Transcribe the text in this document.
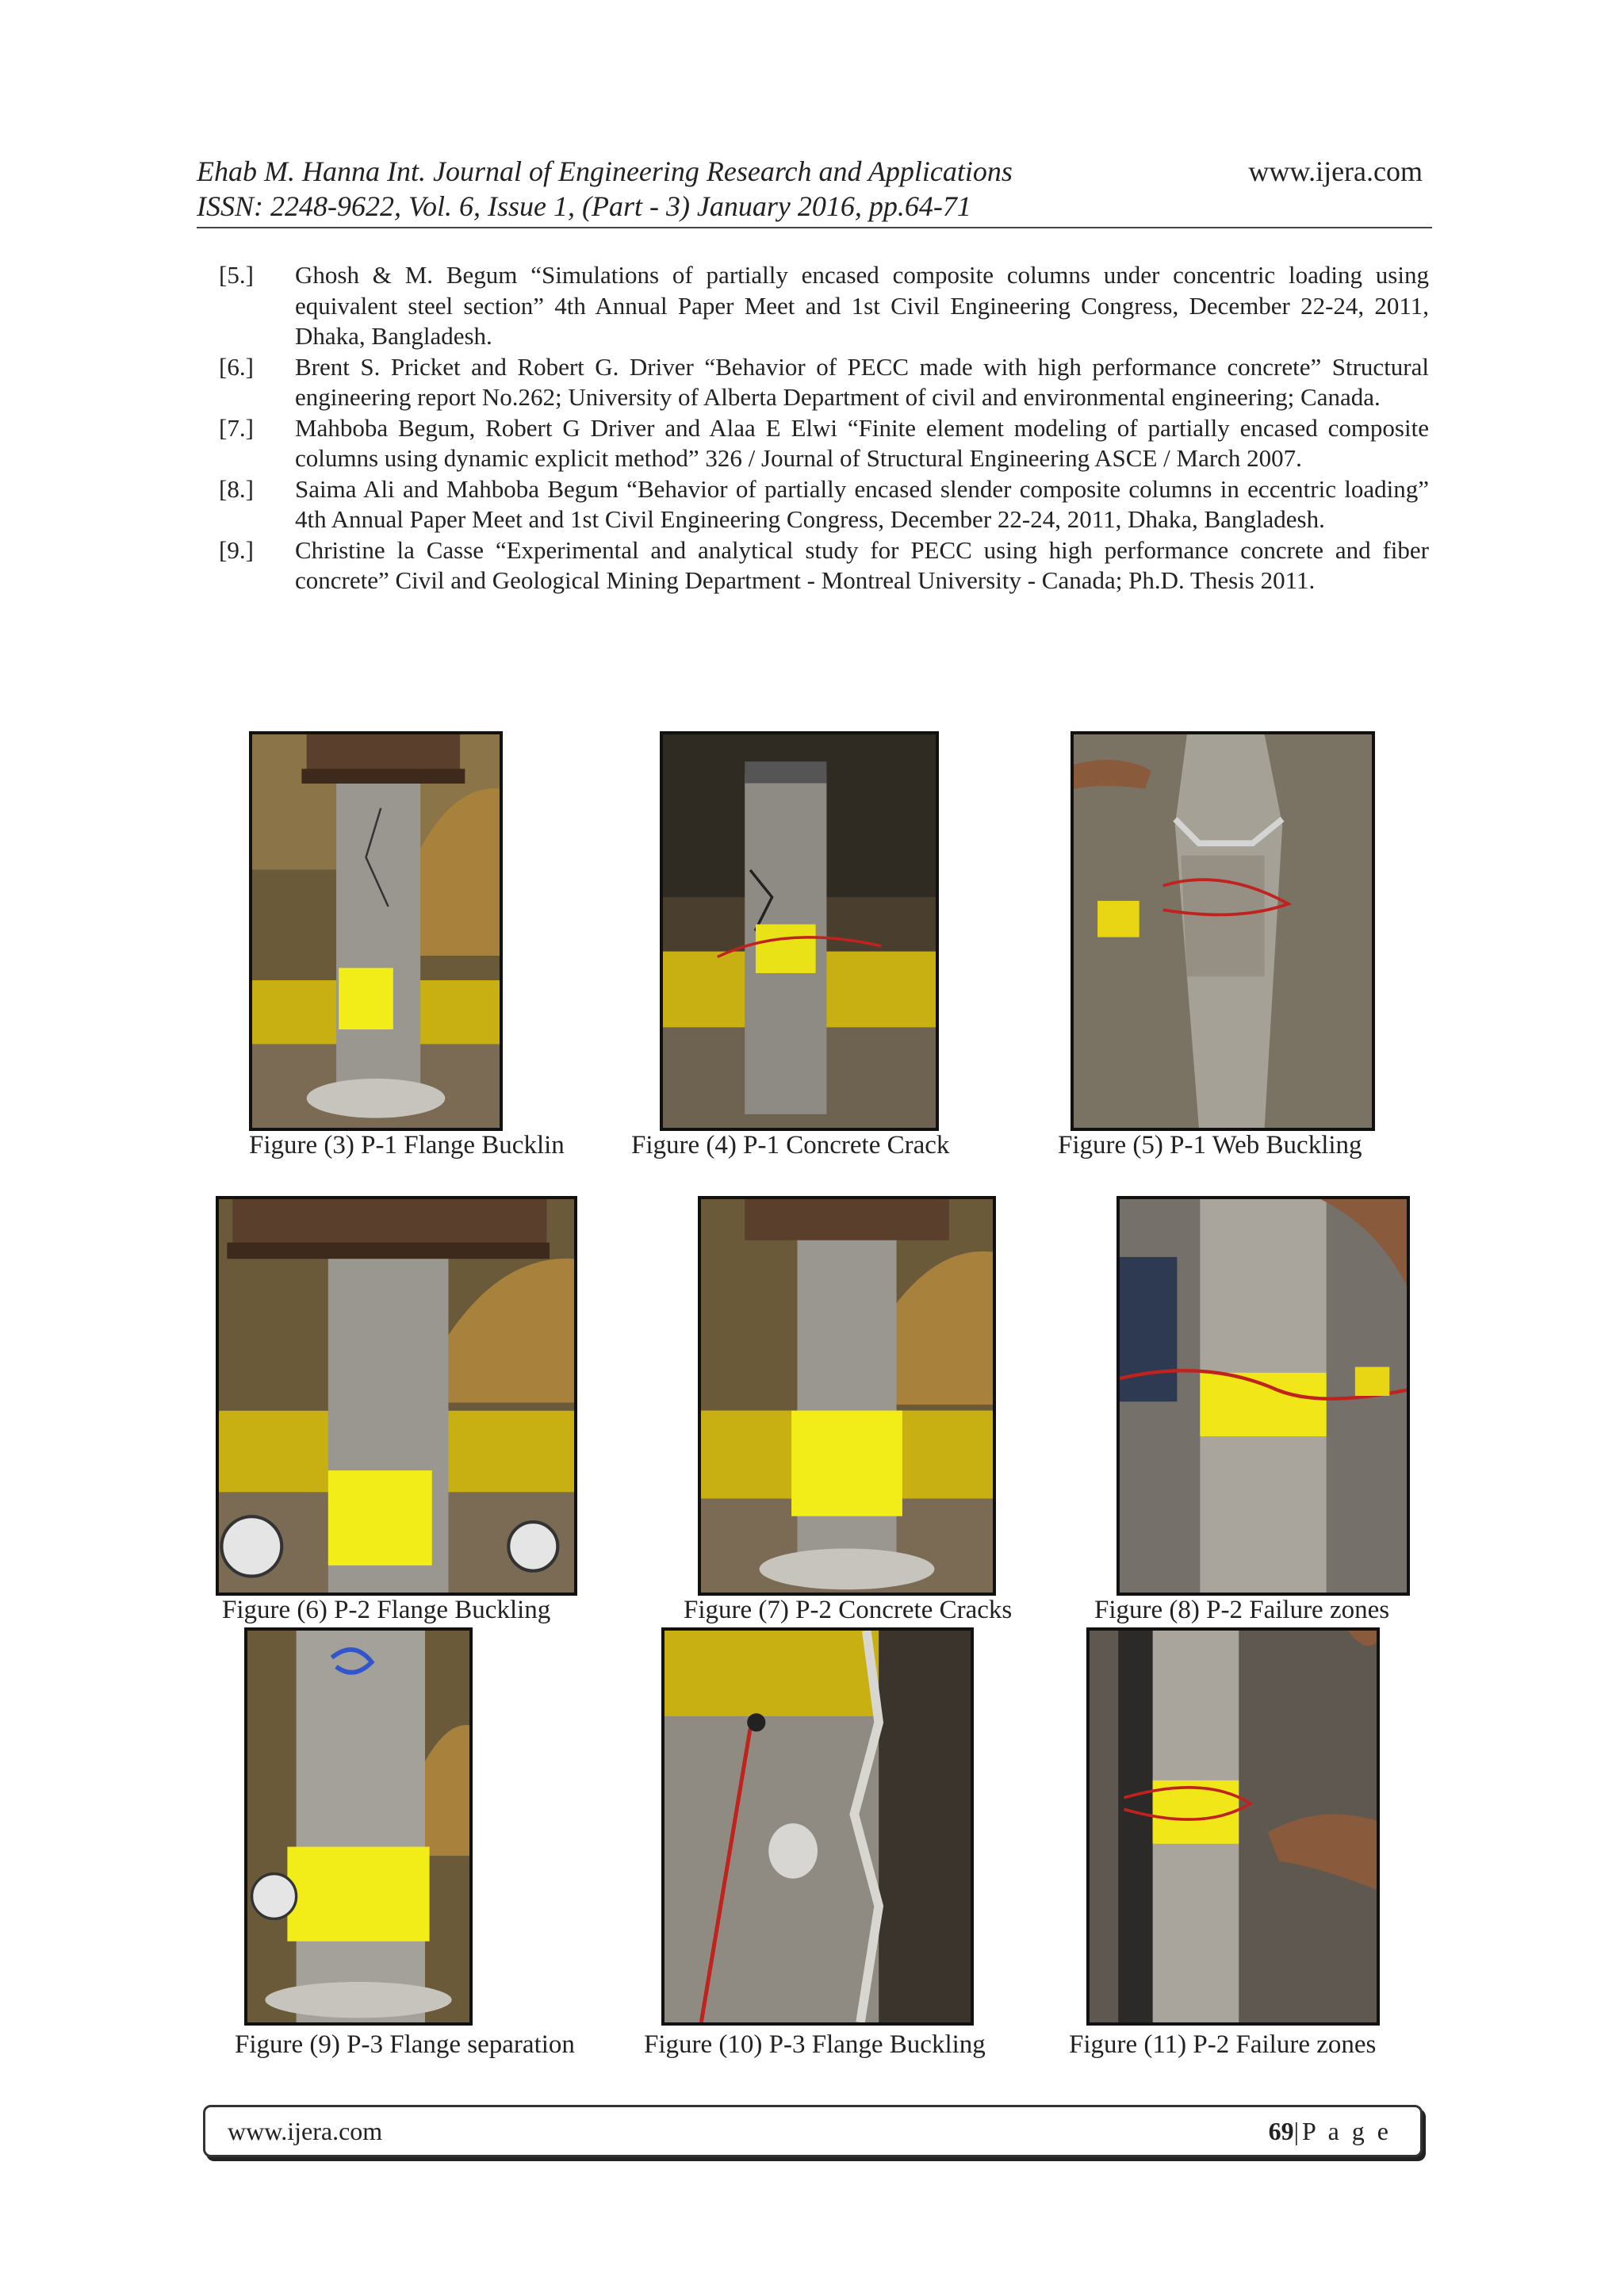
Ehab M. Hanna Int. Journal of Engineering Research and Applications
ISSN: 2248-9622, Vol. 6, Issue 1, (Part - 3) January 2016, pp.64-71
www.ijera.com
[5.]	Ghosh & M. Begum “Simulations of partially encased composite columns under concentric loading using equivalent steel section” 4th Annual Paper Meet and 1st Civil Engineering Congress, December 22-24, 2011, Dhaka, Bangladesh.
[6.]	Brent S. Pricket and Robert G. Driver “Behavior of PECC made with high performance concrete” Structural engineering report No.262; University of Alberta Department of civil and environmental engineering; Canada.
[7.]	Mahboba Begum, Robert G Driver and Alaa E Elwi “Finite element modeling of partially encased composite columns using dynamic explicit method” 326 / Journal of Structural Engineering ASCE / March 2007.
[8.]	Saima Ali and Mahboba Begum “Behavior of partially encased slender composite columns in eccentric loading” 4th Annual Paper Meet and 1st Civil Engineering Congress, December 22-24, 2011, Dhaka, Bangladesh.
[9.]	Christine la Casse “Experimental and analytical study for PECC using high performance concrete and fiber concrete” Civil and Geological Mining Department - Montreal University - Canada; Ph.D. Thesis 2011.
Figure (3) P-1 Flange Bucklin	Figure (4) P-1 Concrete Crack	Figure (5) P-1 Web Buckling
Figure (6) P-2 Flange Buckling	Figure (7) P-2 Concrete Cracks	Figure (8) P-2 Failure zones
Figure (9) P-3 Flange separation	Figure (10) P-3 Flange Buckling	Figure (11) P-2 Failure zones
www.ijera.com	69|P a g e
